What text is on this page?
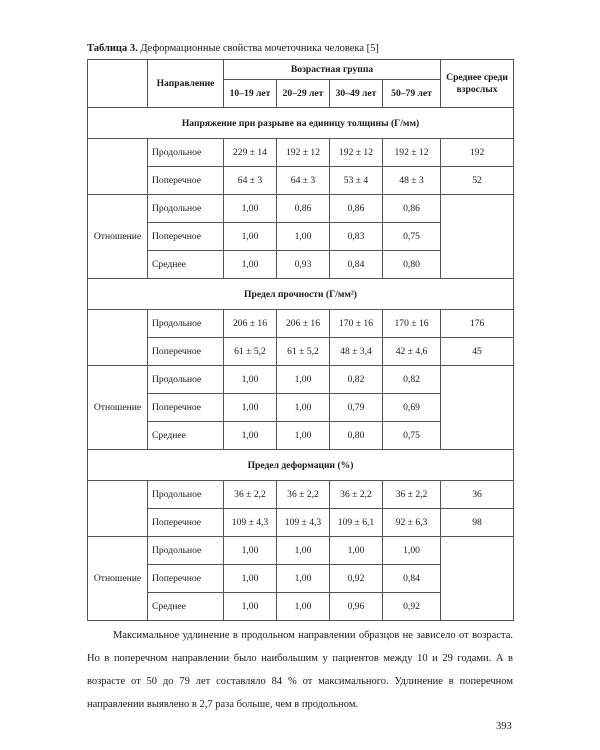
Таблица 3. Деформационные свойства мочеточника человека [5]
	Направление	Возрастная группа				Среднее среди взрослых
		10–19 лет	20–29 лет	30–49 лет	50–79 лет	
Напряжение при разрыве на единицу толщины (Г/мм)						
	Продольное	229 ± 14	192 ± 12	192 ± 12	192 ± 12	192
	Поперечное	64 ± 3	64 ± 3	53 ± 4	48 ± 3	52
Отношение	Продольное	1,00	0,86	0,86	0,86	
	Поперечное	1,00	1,00	0,83	0,75	
	Среднее	1,00	0,93	0,84	0,80	
Предел прочности (Г/мм²)						
	Продольное	206 ± 16	206 ± 16	170 ± 16	170 ± 16	176
	Поперечное	61 ± 5,2	61 ± 5,2	48 ± 3,4	42 ± 4,6	45
Отношение	Продольное	1,00	1,00	0,82	0,82	
	Поперечное	1,00	1,00	0,79	0,69	
	Среднее	1,00	1,00	0,80	0,75	
Предел деформации (%)						
	Продольное	36 ± 2,2	36 ± 2,2	36 ± 2,2	36 ± 2,2	36
	Поперечное	109 ± 4,3	109 ± 4,3	109 ± 6,1	92 ± 6,3	98
Отношение	Продольное	1,00	1,00	1,00	1,00	
	Поперечное	1,00	1,00	0,92	0,84	
	Среднее	1,00	1,00	0,96	0,92	

Максимальное удлинение в продольном направлении образцов не зависело от возраста. Но в поперечном направлении было наибольшим у пациентов между 10 и 29 годами. А в возрасте от 50 до 79 лет составляло 84 % от максимального. Удлинение в поперечном направлении выявлено в 2,7 раза больше, чем в продольном.

393
